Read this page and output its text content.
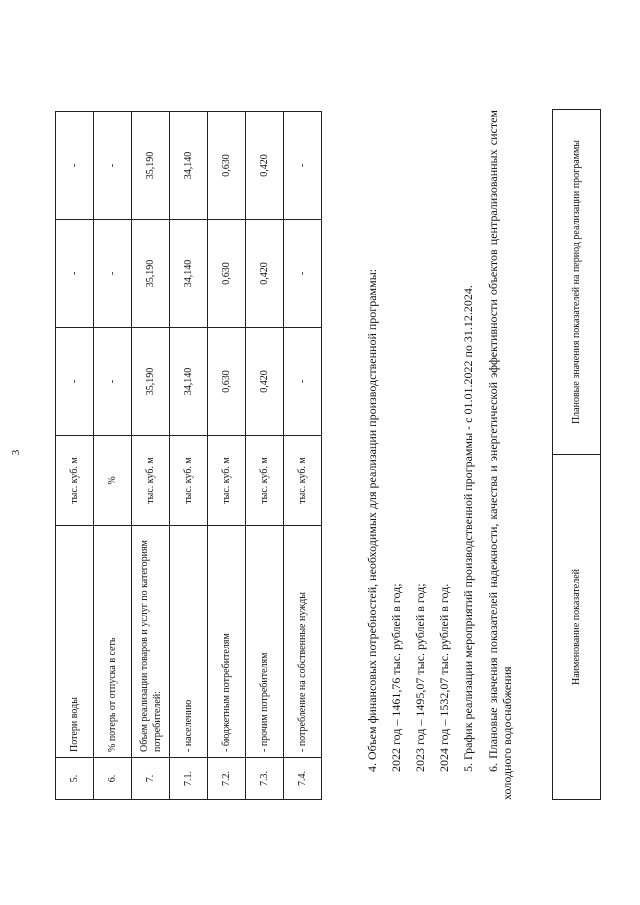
3
5.	Потери воды	тыс. куб. м	-	-	-
6.	% потерь от отпуска в сеть	%	-	-	-
7.	Объем реализации товаров и услуг по категориям потребителей:	тыс. куб. м	35,190	35,190	35,190
7.1.	- населению	тыс. куб. м	34,140	34,140	34,140
7.2.	- бюджетным потребителям	тыс. куб. м	0,630	0,630	0,630
7.3.	- прочим потребителям	тыс. куб. м	0,420	0,420	0,420
7.4.	- потребление на собственные нужды	тыс. куб. м	-	-	-

4. Объем финансовых потребностей, необходимых для реализации производственной программы: 2022 год – 1461,76 тыс. рублей в год; 2023 год – 1495,07 тыс. рублей в год; 2024 год – 1532,07 тыс. рублей в год. 5. График реализации мероприятий производственной программы - с 01.01.2022 по 31.12.2024. 6. Плановые значения показателей надежности, качества и энергетической эффективности объектов централизованных систем холодного водоснабжения

Наименование показателей	Плановые значения показателей на период реализации программы
